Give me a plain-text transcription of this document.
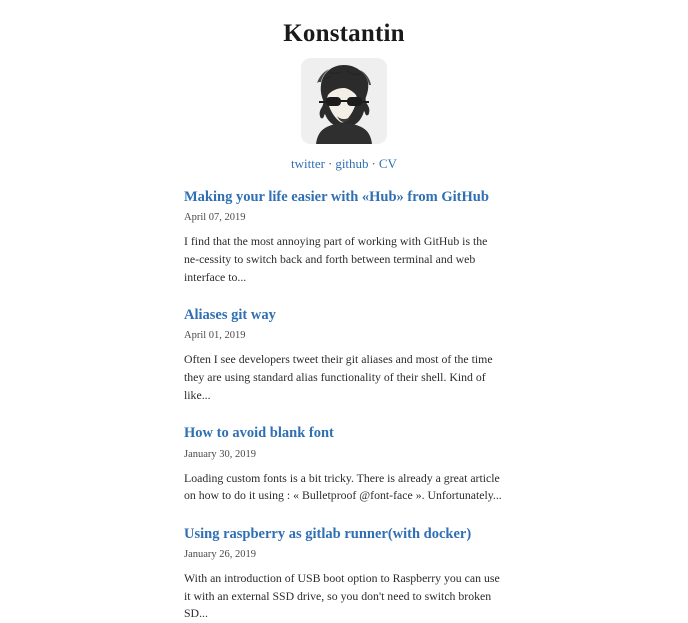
Konstantin
twitter · github · CV
Making your life easier with «Hub» from GitHub
April 07, 2019

I find that the most annoying part of working with GitHub is the ne-cessity to switch back and forth between terminal and web interface to...

Aliases git way
April 01, 2019

Often I see developers tweet their git aliases and most of the time they are using standard alias functionality of their shell. Kind of like...

How to avoid blank font
January 30, 2019

Loading custom fonts is a bit tricky. There is already a great article on how to do it using : « Bulletproof @font-face ». Unfortunately...

Using raspberry as gitlab runner(with docker)
January 26, 2019

With an introduction of USB boot option to Raspberry you can use it with an external SSD drive, so you don't need to switch broken SD...
